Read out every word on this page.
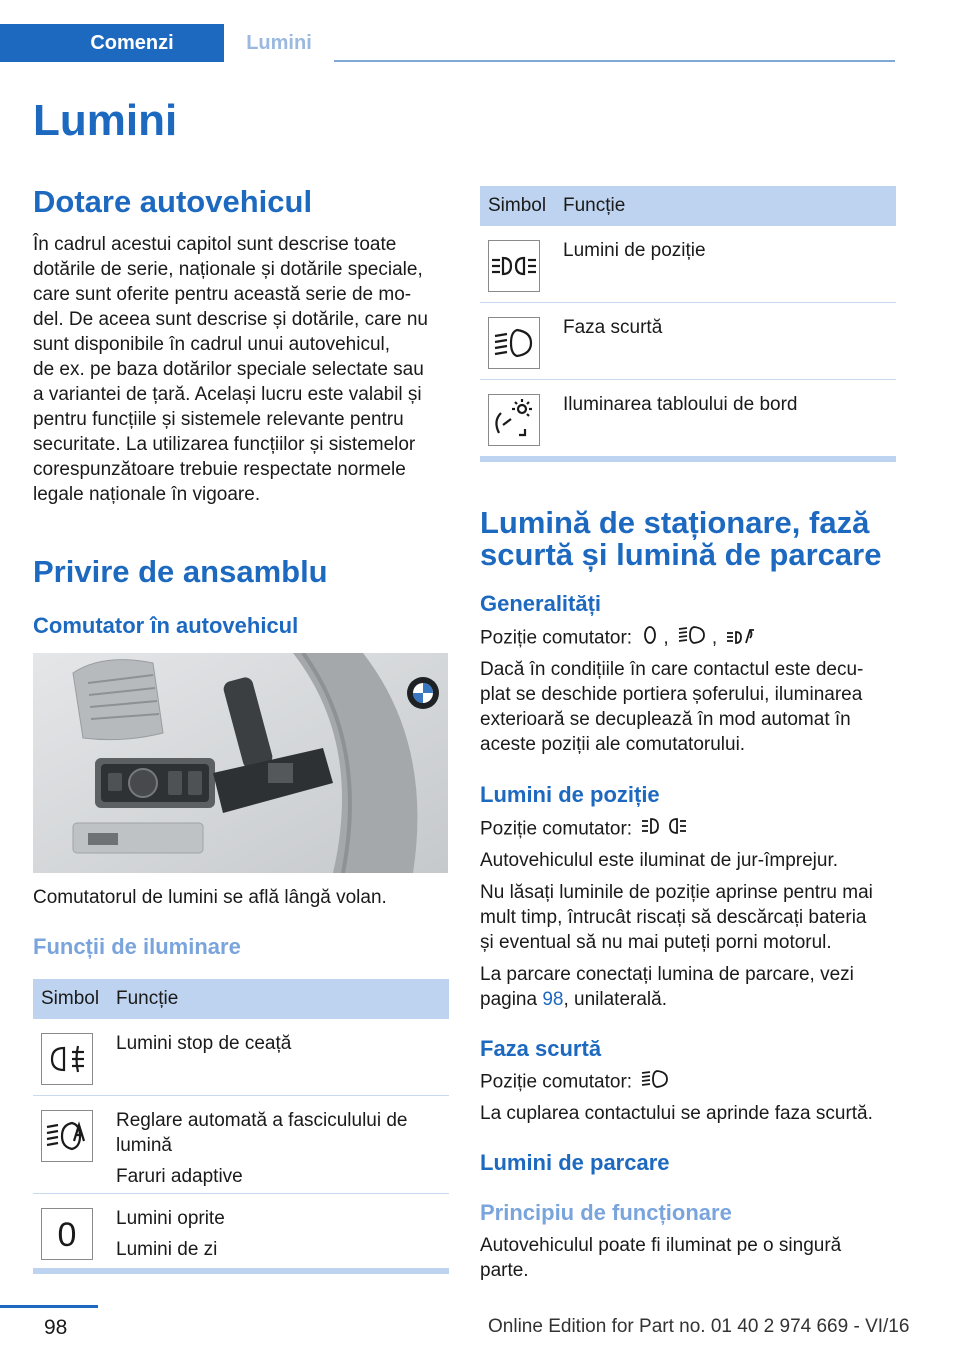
Comenzi	Lumini
Lumini
Dotare autovehicul
În cadrul acestui capitol sunt descrise toate
dotările de serie, naționale și dotările speciale,
care sunt oferite pentru această serie de mo-
del. De aceea sunt descrise și dotările, care nu
sunt disponibile în cadrul unui autovehicul,
de ex. pe baza dotărilor speciale selectate sau
a variantei de țară. Același lucru este valabil și
pentru funcțiile și sistemele relevante pentru
securitate. La utilizarea funcțiilor și sistemelor
corespunzătoare trebuie respectate normele
legale naționale în vigoare.
Privire de ansamblu
Comutator în autovehicul
Comutatorul de lumini se află lângă volan.
Funcții de iluminare
Simbol Funcție
Lumini stop de ceață
Reglare automată a fasciculului de
lumină
Faruri adaptive
0 Lumini oprite
Lumini de zi
Simbol Funcție
Lumini de poziție
Faza scurtă
Iluminarea tabloului de bord
Lumină de staționare, fază
scurtă și lumină de parcare
Generalități
Poziție comutator: , ,
Dacă în condițiile în care contactul este decu-
plat se deschide portiera șoferului, iluminarea
exterioară se decuplează în mod automat în
aceste poziții ale comutatorului.
Lumini de poziție
Poziție comutator:
Autovehiculul este iluminat de jur-împrejur.
Nu lăsați luminile de poziție aprinse pentru mai
mult timp, întrucât riscați să descărcați bateria
și eventual să nu mai puteți porni motorul.
La parcare conectați lumina de parcare, vezi
pagina 98, unilaterală.
Faza scurtă
Poziție comutator:
La cuplarea contactului se aprinde faza scurtă.
Lumini de parcare
Principiu de funcționare
Autovehiculul poate fi iluminat pe o singură
parte.
98	Online Edition for Part no. 01 40 2 974 669 - VI/16
